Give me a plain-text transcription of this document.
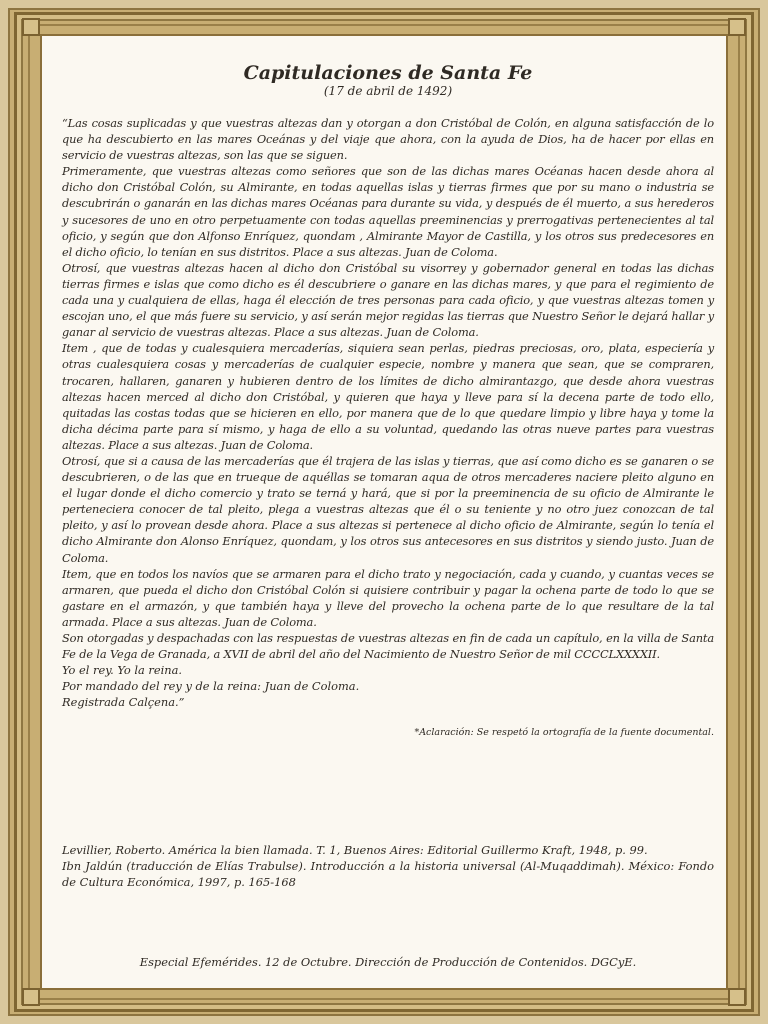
Capitulaciones de Santa Fe

(17 de abril de 1492)

“Las cosas suplicadas y que vuestras altezas dan y otorgan a don Cristóbal de Colón, en alguna satisfacción de lo que ha descubierto en las mares Oceánas y del viaje que ahora, con la ayuda de Dios, ha de hacer por ellas en servicio de vuestras altezas, son las que se siguen.

Primeramente, que vuestras altezas como señores que son de las dichas mares Océanas hacen desde ahora al dicho don Cristóbal Colón, su Almirante, en todas aquellas islas y tierras firmes que por su mano o industria se descubrirán o ganarán en las dichas mares Océanas para durante su vida, y después de él muerto, a sus herederos y sucesores de uno en otro perpetuamente con todas aquellas preeminencias y prerrogativas pertenecientes al tal oficio, y según que don Alfonso Enríquez, quondam , Almirante Mayor de Castilla, y los otros sus predecesores en el dicho oficio, lo tenían en sus distritos. Place a sus altezas. Juan de Coloma.

Otrosí, que vuestras altezas hacen al dicho don Cristóbal su visorrey y gobernador general en todas las dichas tierras firmes e islas que como dicho es él descubriere o ganare en las dichas mares, y que para el regimiento de cada una y cualquiera de ellas, haga él elección de tres personas para cada oficio, y que vuestras altezas tomen y escojan uno, el que más fuere su servicio, y así serán mejor regidas las tierras que Nuestro Señor le dejará hallar y ganar al servicio de vuestras altezas. Place a sus altezas. Juan de Coloma.

Item , que de todas y cualesquiera mercaderías, siquiera sean perlas, piedras preciosas, oro, plata, especiería y otras cualesquiera cosas y mercaderías de cualquier especie, nombre y manera que sean, que se compraren, trocaren, hallaren, ganaren y hubieren dentro de los límites de dicho almirantazgo, que desde ahora vuestras altezas hacen merced al dicho don Cristóbal, y quieren que haya y lleve para sí la decena parte de todo ello, quitadas las costas todas que se hicieren en ello, por manera que de lo que quedare limpio y libre haya y tome la dicha décima parte para sí mismo, y haga de ello a su voluntad, quedando las otras nueve partes para vuestras altezas. Place a sus altezas. Juan de Coloma.

Otrosí, que si a causa de las mercaderías que él trajera de las islas y tierras, que así como dicho es se ganaren o se descubrieren, o de las que en trueque de aquéllas se tomaran aqua de otros mercaderes naciere pleito alguno en el lugar donde el dicho comercio y trato se terná y hará, que si por la preeminencia de su oficio de Almirante le perteneciera conocer de tal pleito, plega a vuestras altezas que él o su teniente y no otro juez conozcan de tal pleito, y así lo provean desde ahora. Place a sus altezas si pertenece al dicho oficio de Almirante, según lo tenía el dicho Almirante don Alonso Enríquez, quondam, y los otros sus antecesores en sus distritos y siendo justo. Juan de Coloma.

Item, que en todos los navíos que se armaren para el dicho trato y negociación, cada y cuando, y cuantas veces se armaren, que pueda el dicho don Cristóbal Colón si quisiere contribuir y pagar la ochena parte de todo lo que se gastare en el armazón, y que también haya y lleve del provecho la ochena parte de lo que resultare de la tal armada. Place a sus altezas. Juan de Coloma.

Son otorgadas y despachadas con las respuestas de vuestras altezas en fin de cada un capítulo, en la villa de Santa Fe de la Vega de Granada, a XVII de abril del año del Nacimiento de Nuestro Señor de mil CCCCLXXXXII.

Yo el rey. Yo la reina.

Por mandado del rey y de la reina: Juan de Coloma.

Registrada Calçena.”

*Aclaración: Se respetó la ortografía de la fuente documental.

Levillier, Roberto. América la bien llamada. T. 1, Buenos Aires: Editorial Guillermo Kraft, 1948, p. 99.

Ibn Jaldún (traducción de Elías Trabulse). Introducción a la historia universal (Al-Muqaddimah). México: Fondo de Cultura Económica, 1997, p. 165-168

Especial Efemérides. 12 de Octubre. Dirección de Producción de Contenidos. DGCyE.
